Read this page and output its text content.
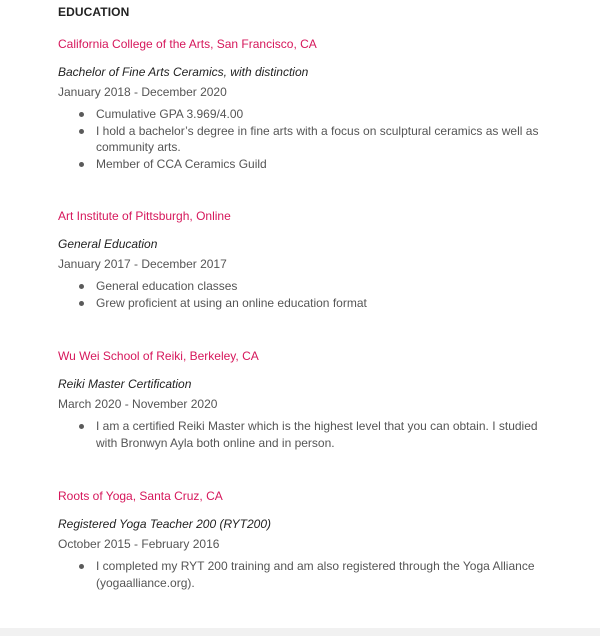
EDUCATION
California College of the Arts, San Francisco, CA
Bachelor of Fine Arts Ceramics, with distinction
January 2018 - December 2020
Cumulative GPA 3.969/4.00
I hold a bachelor’s degree in fine arts with a focus on sculptural ceramics as well as community arts.
Member of CCA Ceramics Guild
Art Institute of Pittsburgh, Online
General Education
January 2017 - December 2017
General education classes
Grew proficient at using an online education format
Wu Wei School of Reiki, Berkeley, CA
Reiki Master Certification
March 2020 - November 2020
I am a certified Reiki Master which is the highest level that you can obtain. I studied with Bronwyn Ayla both online and in person.
Roots of Yoga, Santa Cruz, CA
Registered Yoga Teacher 200 (RYT200)
October 2015 - February 2016
I completed my RYT 200 training and am also registered through the Yoga Alliance (yogaalliance.org).
